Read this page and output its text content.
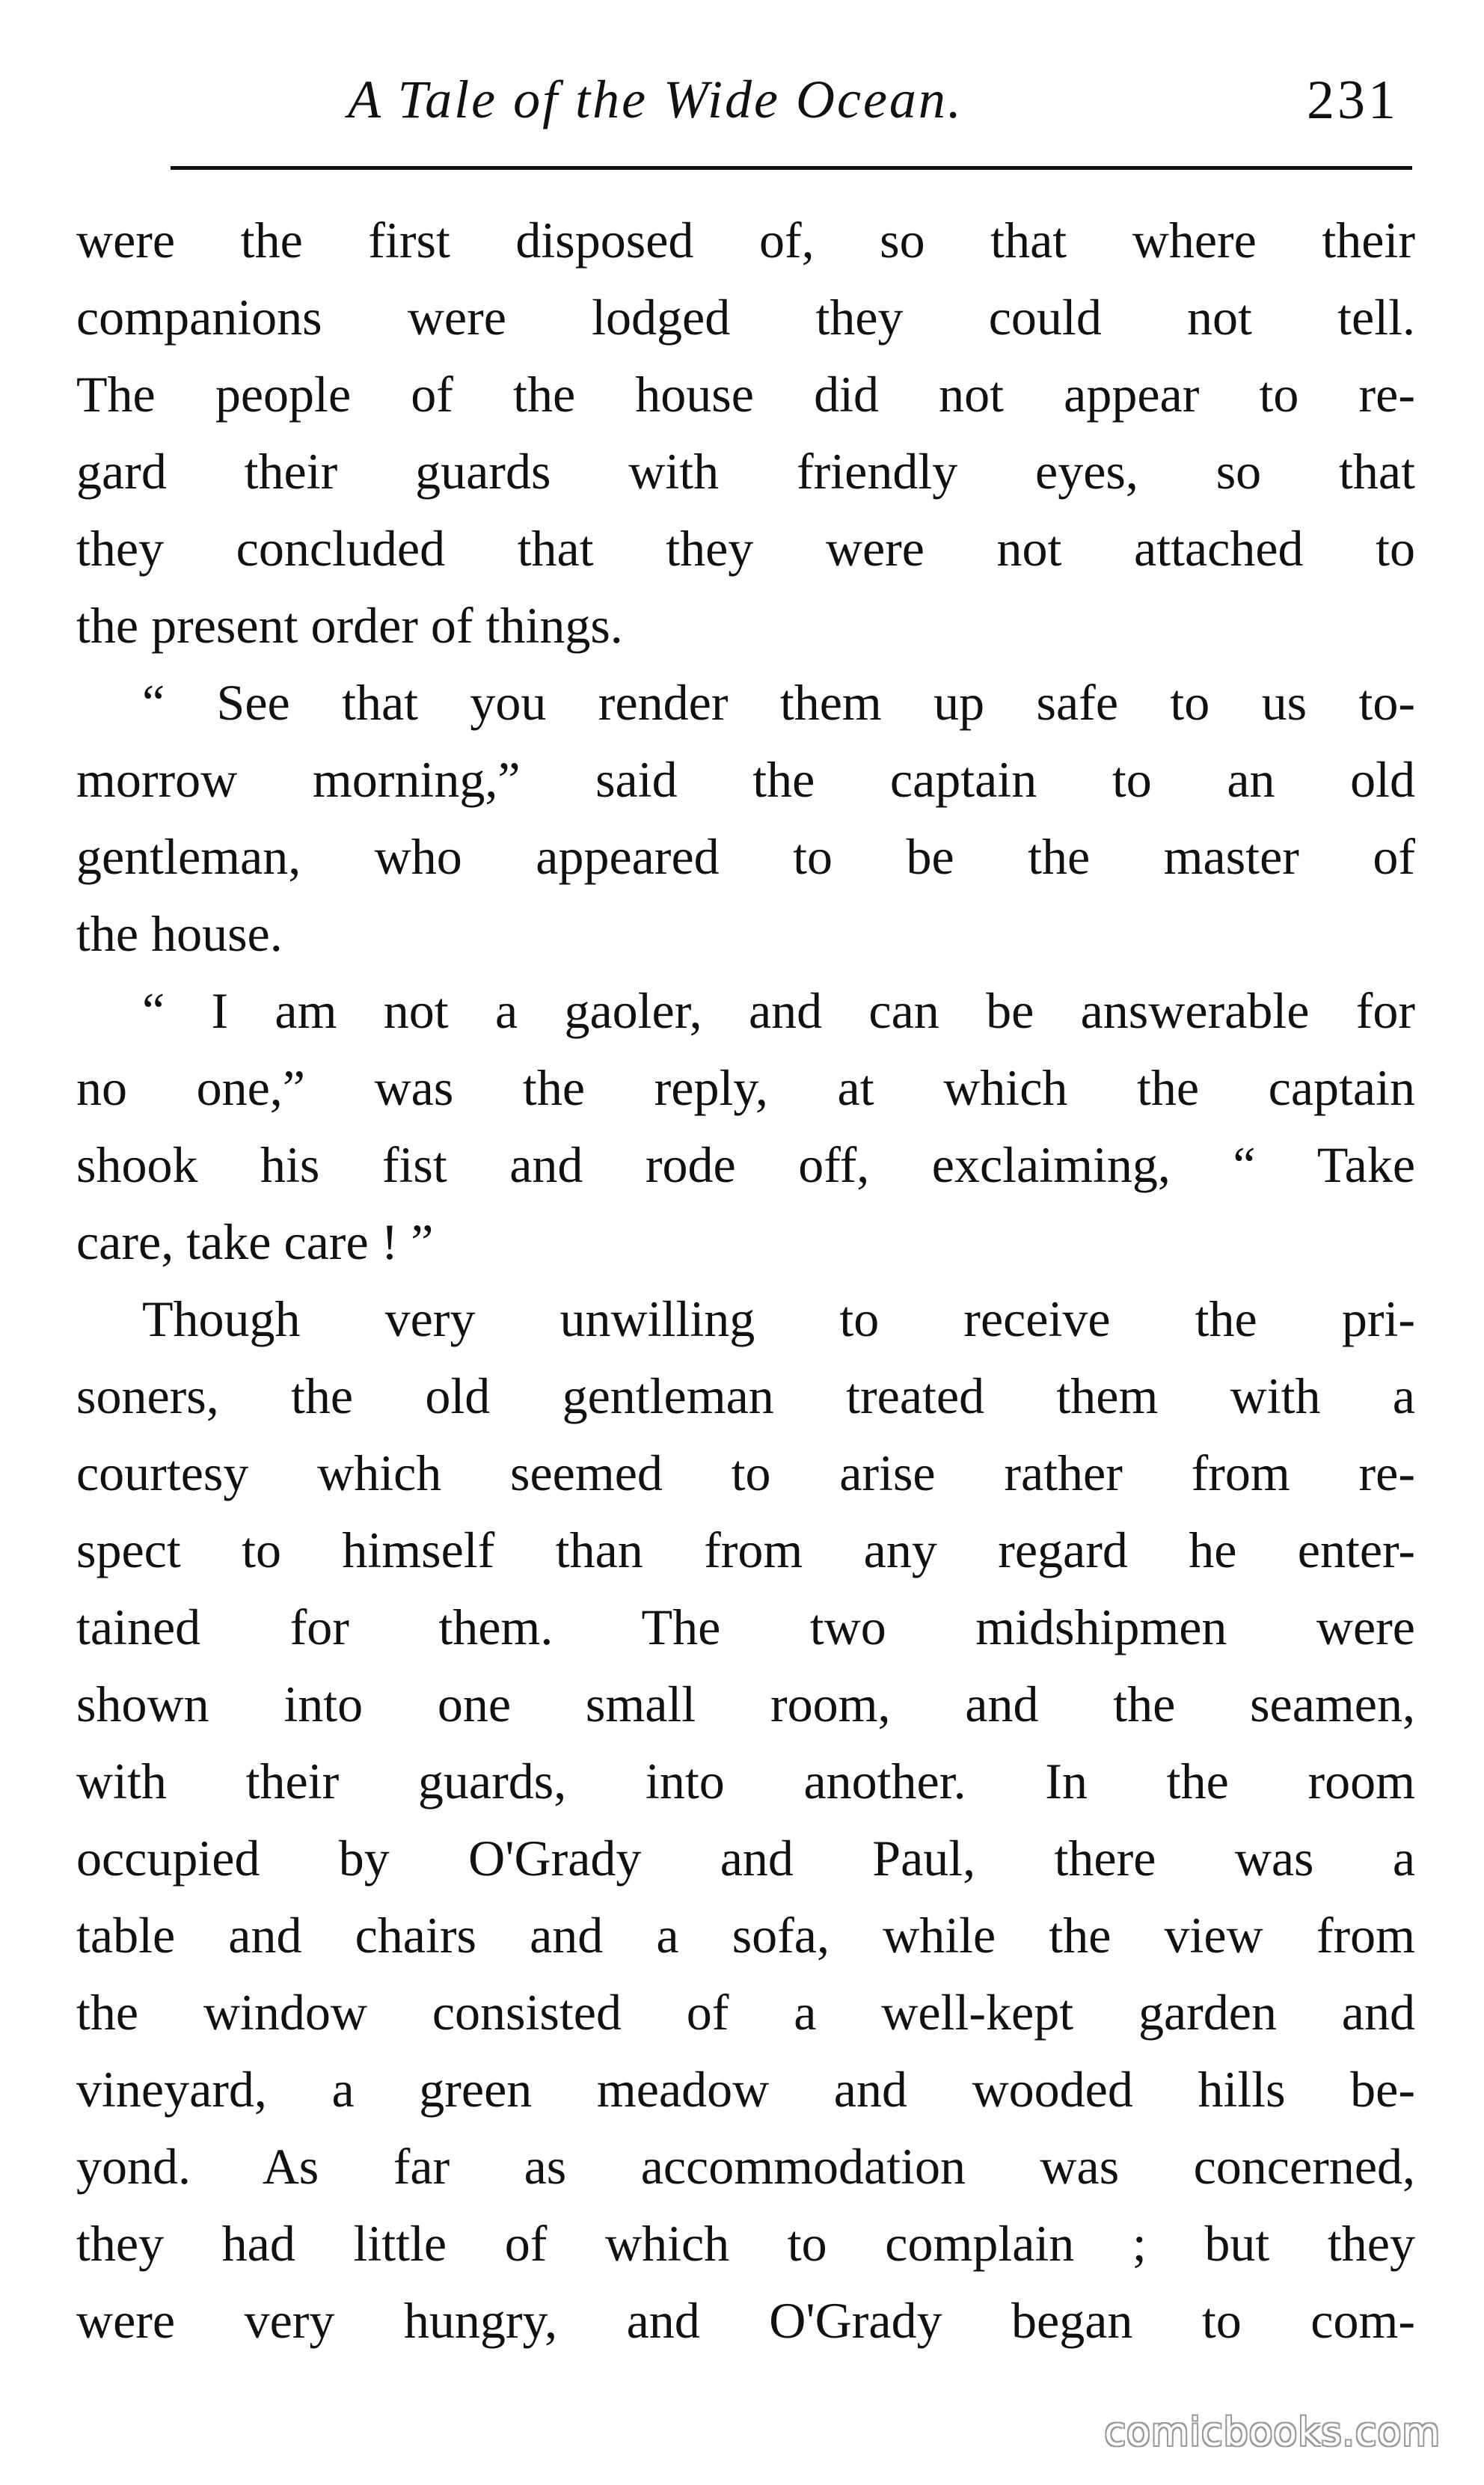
A Tale of the Wide Ocean.	231
were the first disposed of, so that where their
companions were lodged they could not tell.
The people of the house did not appear to re-
gard their guards with friendly eyes, so that
they concluded that they were not attached to
the present order of things.
“ See that you render them up safe to us to-
morrow morning,” said the captain to an old
gentleman, who appeared to be the master of
the house.
“ I am not a gaoler, and can be answerable for
no one,” was the reply, at which the captain
shook his fist and rode off, exclaiming, “ Take
care, take care ! ”
Though very unwilling to receive the pri-
soners, the old gentleman treated them with a
courtesy which seemed to arise rather from re-
spect to himself than from any regard he enter-
tained for them. The two midshipmen were
shown into one small room, and the seamen,
with their guards, into another. In the room
occupied by O'Grady and Paul, there was a
table and chairs and a sofa, while the view from
the window consisted of a well-kept garden and
vineyard, a green meadow and wooded hills be-
yond. As far as accommodation was concerned,
they had little of which to complain ; but they
were very hungry, and O'Grady began to com-
comicbooks.com
